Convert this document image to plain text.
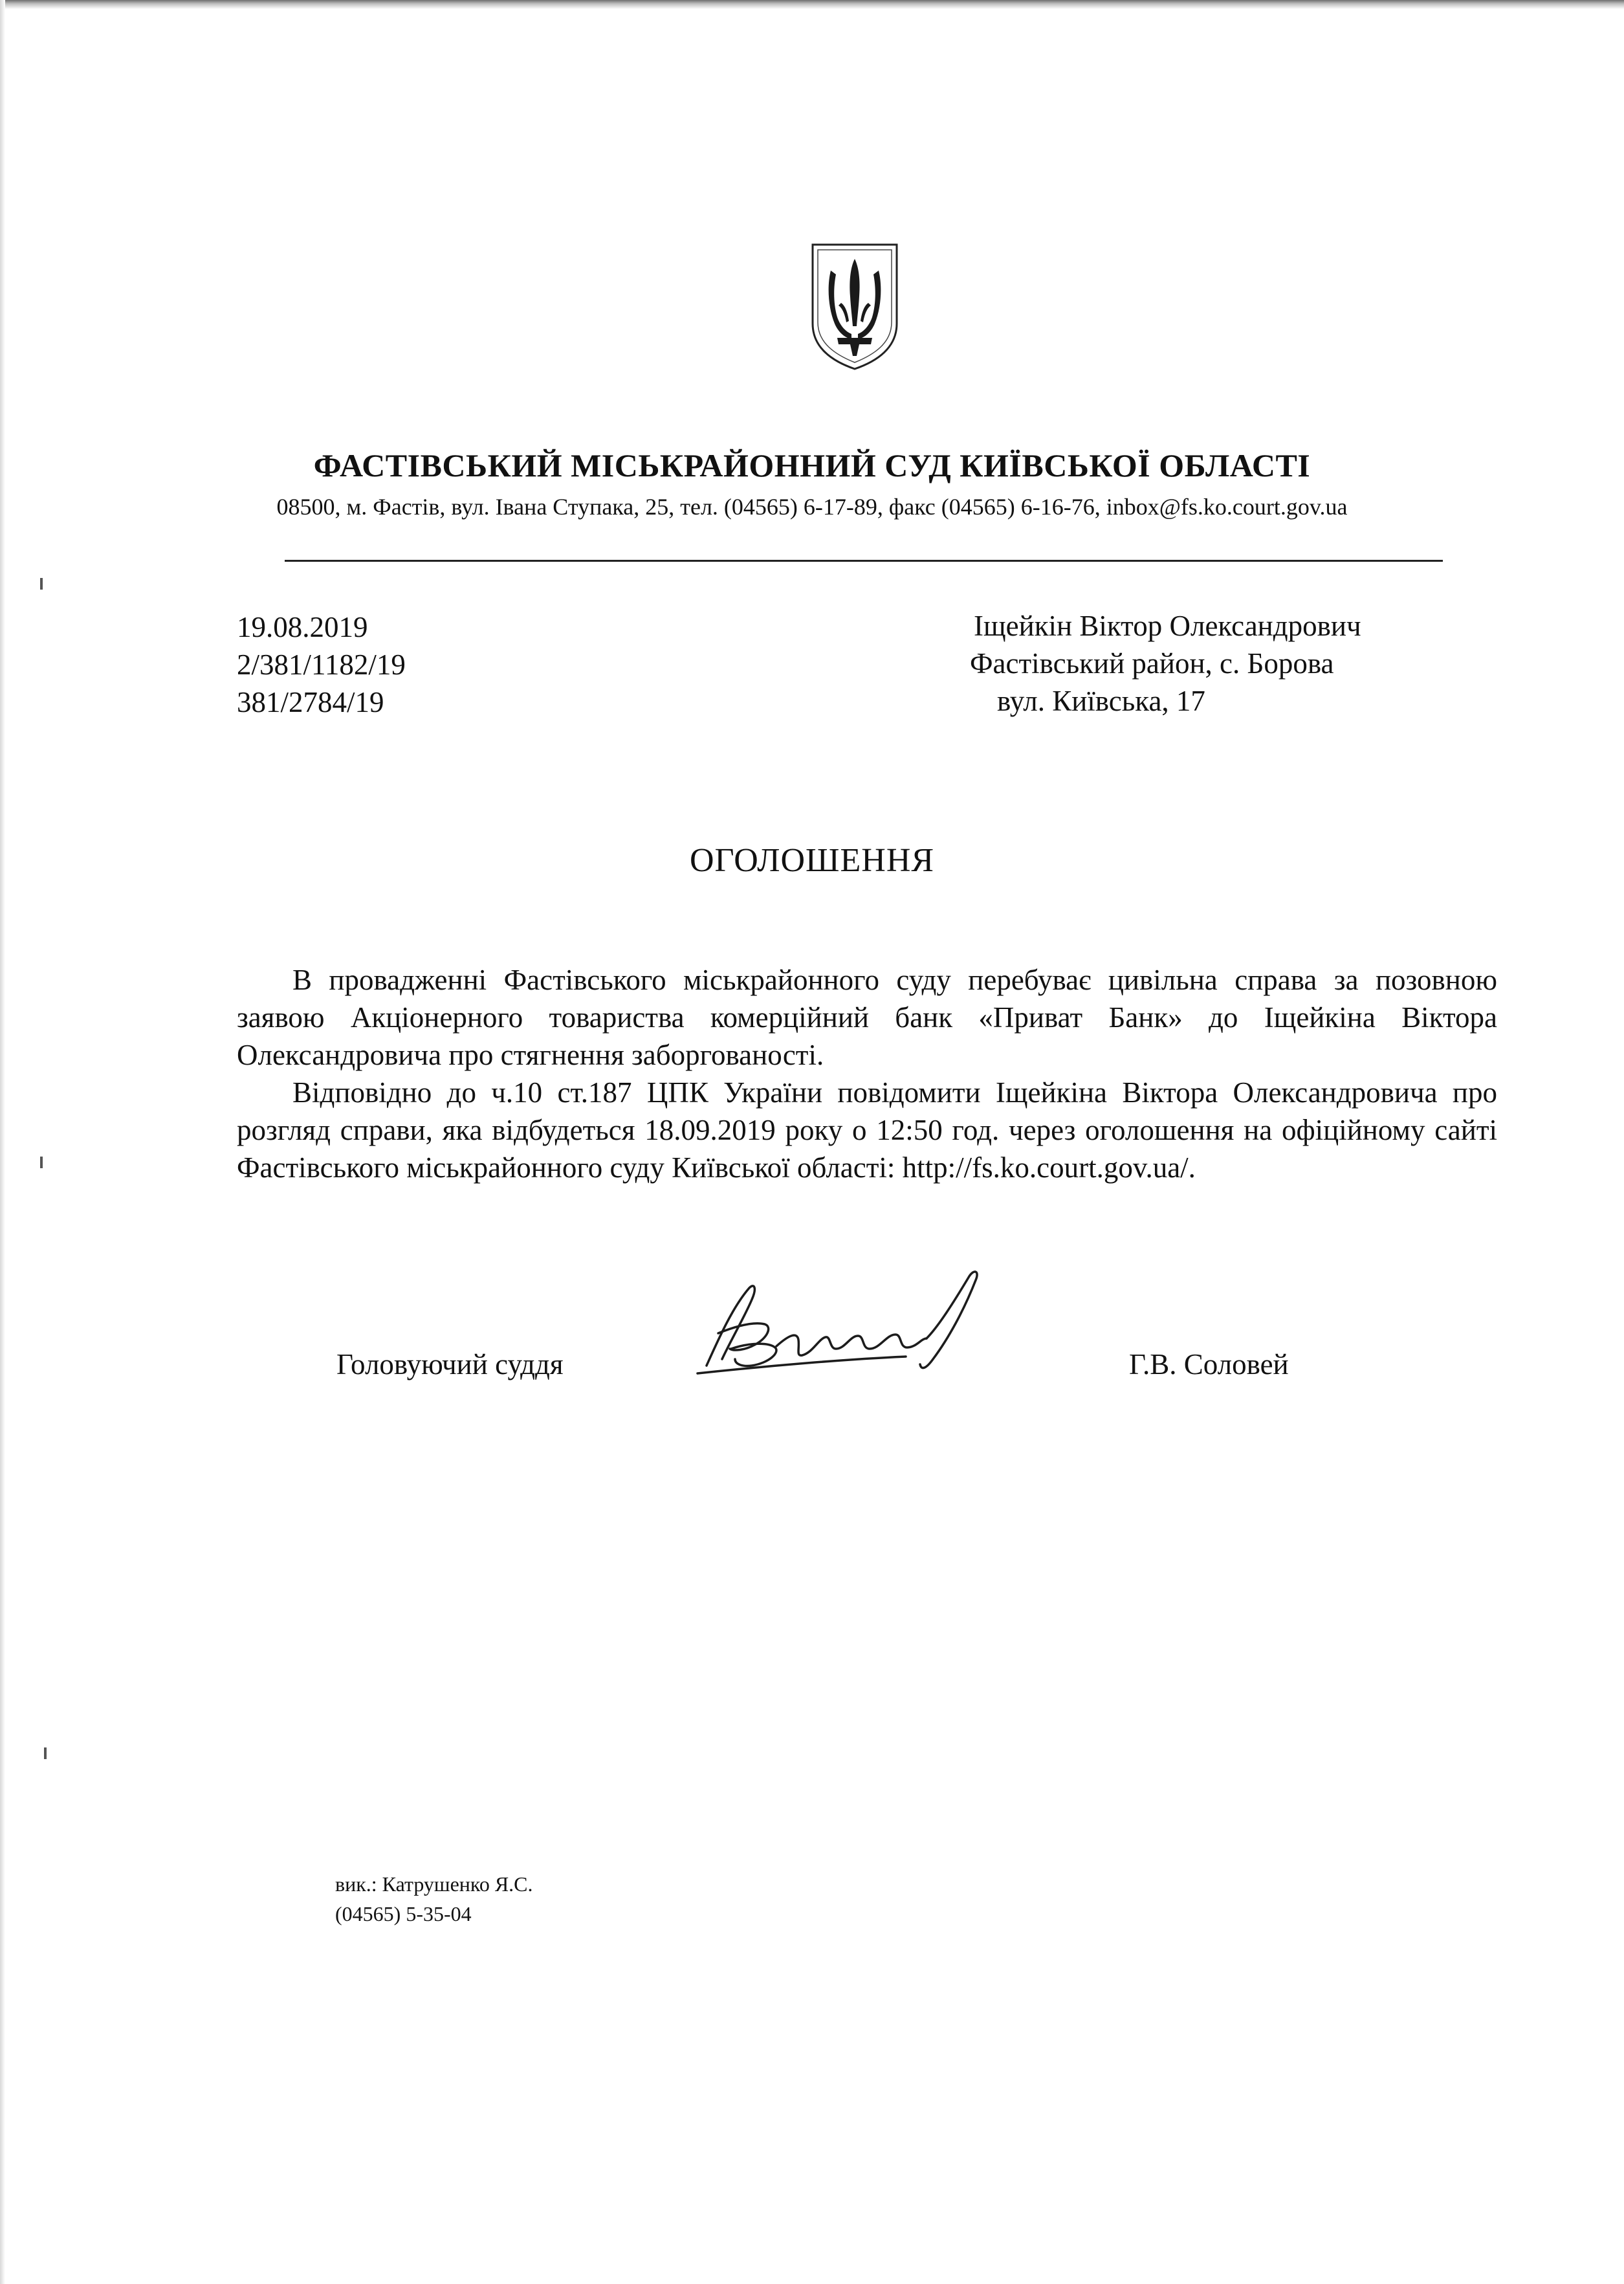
ФАСТІВСЬКИЙ МІСЬКРАЙОННИЙ СУД КИЇВСЬКОЇ ОБЛАСТІ
08500, м. Фастів, вул. Івана Ступака, 25, тел. (04565) 6-17-89, факс (04565) 6-16-76, inbox@fs.ko.court.gov.ua
19.08.2019
2/381/1182/19
381/2784/19
Іщейкін Віктор Олександрович
Фастівський район, с. Борова
вул. Київська, 17
ОГОЛОШЕННЯ

В провадженні Фастівського міськрайонного суду перебуває цивільна справа за позовною заявою Акціонерного товариства комерційний банк «Приват Банк» до Іщейкіна Віктора Олександровича про стягнення заборгованості.

Відповідно до ч.10 ст.187 ЦПК України повідомити Іщейкіна Віктора Олександровича про розгляд справи, яка відбудеться 18.09.2019 року о 12:50 год. через оголошення на офіційному сайті Фастівського міськрайонного суду Київської області: http://fs.ko.court.gov.ua/.

Головуючий суддя	Г.В. Соловей
вик.: Катрушенко Я.С.
(04565) 5-35-04
